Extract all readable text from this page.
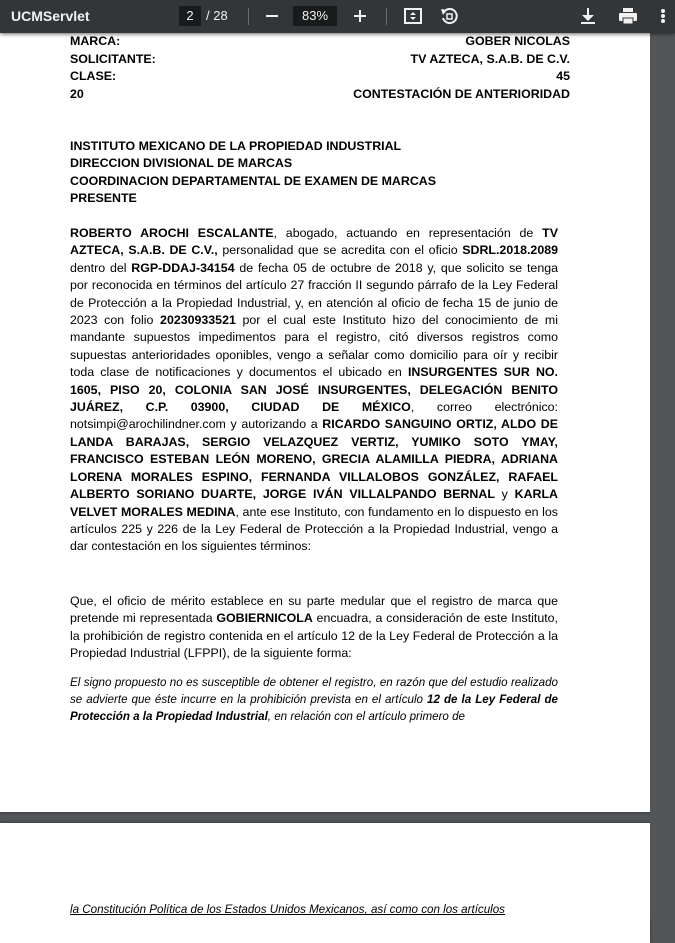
UCMServlet	2 / 28	83%
MARCA:	GOBER NICOLAS
SOLICITANTE:	TV AZTECA, S.A.B. DE C.V.
CLASE:	45
20	CONTESTACIÓN DE ANTERIORIDAD
INSTITUTO MEXICANO DE LA PROPIEDAD INDUSTRIAL
DIRECCION DIVISIONAL DE MARCAS
COORDINACION DEPARTAMENTAL DE EXAMEN DE MARCAS
PRESENTE
ROBERTO AROCHI ESCALANTE, abogado, actuando en representación de TV AZTECA, S.A.B. DE C.V., personalidad que se acredita con el oficio SDRL.2018.2089 dentro del RGP-DDAJ-34154 de fecha 05 de octubre de 2018 y, que solicito se tenga por reconocida en términos del artículo 27 fracción II segundo párrafo de la Ley Federal de Protección a la Propiedad Industrial, y, en atención al oficio de fecha 15 de junio de 2023 con folio 20230933521 por el cual este Instituto hizo del conocimiento de mi mandante supuestos impedimentos para el registro, citó diversos registros como supuestas anterioridades oponibles, vengo a señalar como domicilio para oír y recibir toda clase de notificaciones y documentos el ubicado en INSURGENTES SUR NO. 1605, PISO 20, COLONIA SAN JOSÉ INSURGENTES, DELEGACIÓN BENITO JUÁREZ, C.P. 03900, CIUDAD DE MÉXICO, correo electrónico: notsimpi@arochilindner.com y autorizando a RICARDO SANGUINO ORTIZ, ALDO DE LANDA BARAJAS, SERGIO VELAZQUEZ VERTIZ, YUMIKO SOTO YMAY, FRANCISCO ESTEBAN LEÓN MORENO, GRECIA ALAMILLA PIEDRA, ADRIANA LORENA MORALES ESPINO, FERNANDA VILLALOBOS GONZÁLEZ, RAFAEL ALBERTO SORIANO DUARTE, JORGE IVÁN VILLALPANDO BERNAL y KARLA VELVET MORALES MEDINA, ante ese Instituto, con fundamento en lo dispuesto en los artículos 225 y 226 de la Ley Federal de Protección a la Propiedad Industrial, vengo a dar contestación en los siguientes términos:
Que, el oficio de mérito establece en su parte medular que el registro de marca que pretende mi representada GOBIERNICOLA encuadra, a consideración de este Instituto, la prohibición de registro contenida en el artículo 12 de la Ley Federal de Protección a la Propiedad Industrial (LFPPI), de la siguiente forma:
El signo propuesto no es susceptible de obtener el registro, en razón que del estudio realizado se advierte que éste incurre en la prohibición prevista en el artículo 12 de la Ley Federal de Protección a la Propiedad Industrial, en relación con el artículo primero de
la Constitución Política de los Estados Unidos Mexicanos, así como con los artículos
